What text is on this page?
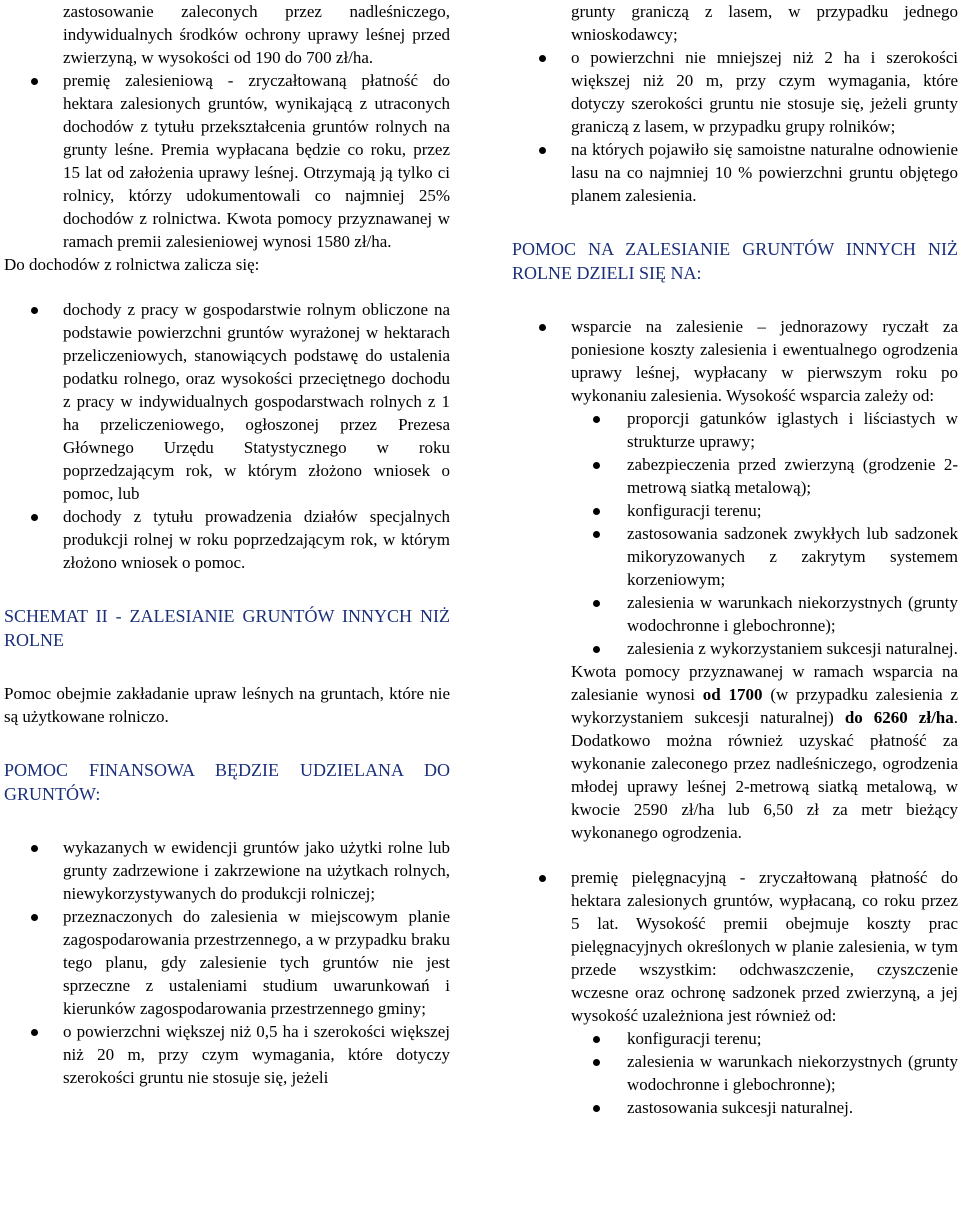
zastosowanie zaleconych przez nadleśniczego, indywidualnych środków ochrony uprawy leśnej przed zwierzyną, w wysokości od 190 do 700 zł/ha.

premię zalesieniową - zryczałtowaną płatność do hektara zalesionych gruntów, wynikającą z utraconych dochodów z tytułu przekształcenia gruntów rolnych na grunty leśne. Premia wypłacana będzie co roku, przez 15 lat od założenia uprawy leśnej. Otrzymają ją tylko ci rolnicy, którzy udokumentowali co najmniej 25% dochodów z rolnictwa. Kwota pomocy przyznawanej w ramach premii zalesieniowej wynosi 1580 zł/ha.

Do dochodów z rolnictwa zalicza się:

dochody z pracy w gospodarstwie rolnym obliczone na podstawie powierzchni gruntów wyrażonej w hektarach przeliczeniowych, stanowiących podstawę do ustalenia podatku rolnego, oraz wysokości przeciętnego dochodu z pracy w indywidualnych gospodarstwach rolnych z 1 ha przeliczeniowego, ogłoszonej przez Prezesa Głównego Urzędu Statystycznego w roku poprzedzającym rok, w którym złożono wniosek o pomoc, lub
dochody z tytułu prowadzenia działów specjalnych produkcji rolnej w roku poprzedzającym rok, w którym złożono wniosek o pomoc.

SCHEMAT II - ZALESIANIE GRUNTÓW INNYCH NIŻ ROLNE

Pomoc obejmie zakładanie upraw leśnych na gruntach, które nie są użytkowane rolniczo.

POMOC FINANSOWA BĘDZIE UDZIELANA DO GRUNTÓW:

wykazanych w ewidencji gruntów jako użytki rolne lub grunty zadrzewione i zakrzewione na użytkach rolnych, niewykorzystywanych do produkcji rolniczej;
przeznaczonych do zalesienia w miejscowym planie zagospodarowania przestrzennego, a w przypadku braku tego planu, gdy zalesienie tych gruntów nie jest sprzeczne z ustaleniami studium uwarunkowań i kierunków zagospodarowania przestrzennego gminy;
o powierzchni większej niż 0,5 ha i szerokości większej niż 20 m, przy czym wymagania, które dotyczy szerokości gruntu nie stosuje się, jeżeli

grunty graniczą z lasem, w przypadku jednego wnioskodawcy;

o powierzchni nie mniejszej niż 2 ha i szerokości większej niż 20 m, przy czym wymagania, które dotyczy szerokości gruntu nie stosuje się, jeżeli grunty graniczą z lasem, w przypadku grupy rolników;
na których pojawiło się samoistne naturalne odnowienie lasu na co najmniej 10 % powierzchni gruntu objętego planem zalesienia.

POMOC NA ZALESIANIE GRUNTÓW INNYCH NIŻ ROLNE DZIELI SIĘ NA:

wsparcie na zalesienie – jednorazowy ryczałt za poniesione koszty zalesienia i ewentualnego ogrodzenia uprawy leśnej, wypłacany w pierwszym roku po wykonaniu zalesienia. Wysokość wsparcia zależy od:
proporcji gatunków iglastych i liściastych w strukturze uprawy;
zabezpieczenia przed zwierzyną (grodzenie 2-metrową siatką metalową);
konfiguracji terenu;
zastosowania sadzonek zwykłych lub sadzonek mikoryzowanych z zakrytym systemem korzeniowym;
zalesienia w warunkach niekorzystnych (grunty wodochronne i glebochronne);
zalesienia z wykorzystaniem sukcesji naturalnej.

Kwota pomocy przyznawanej w ramach wsparcia na zalesianie wynosi od 1700 (w przypadku zalesienia z wykorzystaniem sukcesji naturalnej) do 6260 zł/ha. Dodatkowo można również uzyskać płatność za wykonanie zaleconego przez nadleśniczego, ogrodzenia młodej uprawy leśnej 2-metrową siatką metalową, w kwocie 2590 zł/ha lub 6,50 zł za metr bieżący wykonanego ogrodzenia.

premię pielęgnacyjną - zryczałtowaną płatność do hektara zalesionych gruntów, wypłacaną, co roku przez 5 lat. Wysokość premii obejmuje koszty prac pielęgnacyjnych określonych w planie zalesienia, w tym przede wszystkim: odchwaszczenie, czyszczenie wczesne oraz ochronę sadzonek przed zwierzyną, a jej wysokość uzależniona jest również od:
konfiguracji terenu;
zalesienia w warunkach niekorzystnych (grunty wodochronne i glebochronne);
zastosowania sukcesji naturalnej.
